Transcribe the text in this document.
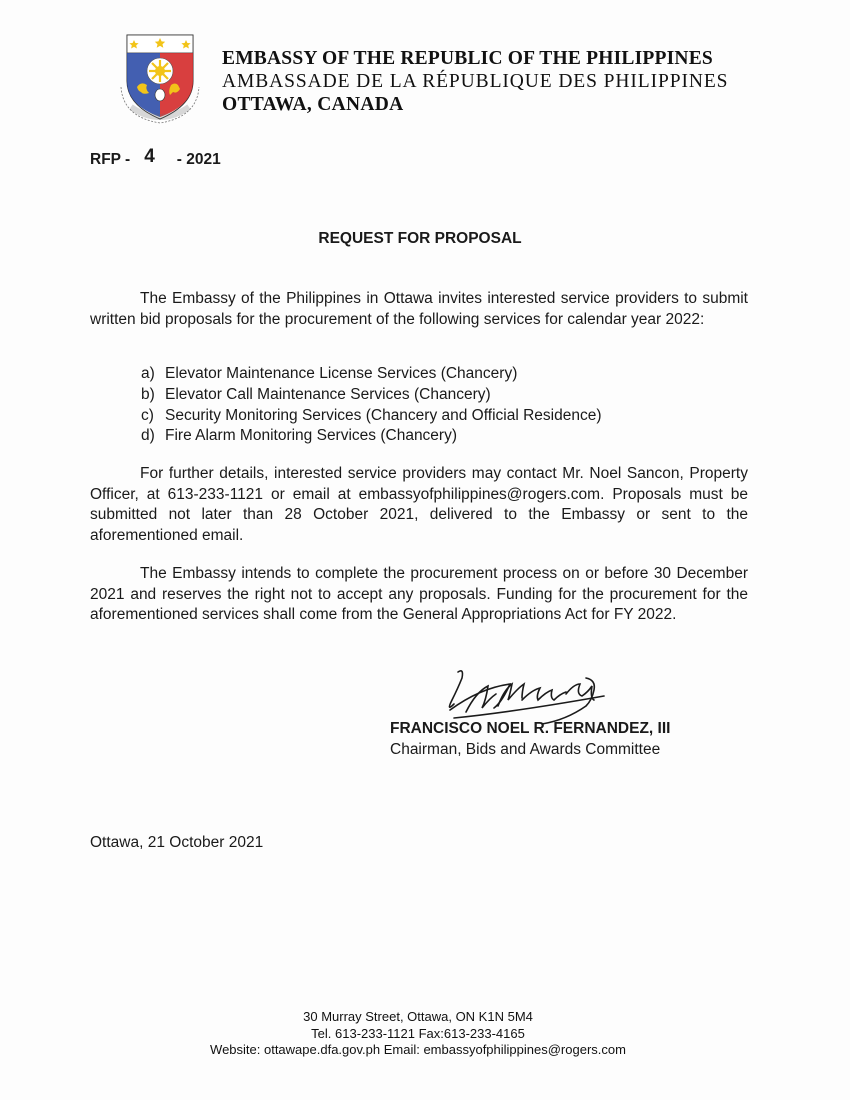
EMBASSY OF THE REPUBLIC OF THE PHILIPPINES
AMBASSADE DE LA RÉPUBLIQUE DES PHILIPPINES
OTTAWA, CANADA
RFP - 4 - 2021
REQUEST FOR PROPOSAL
The Embassy of the Philippines in Ottawa invites interested service providers to submit written bid proposals for the procurement of the following services for calendar year 2022:
a) Elevator Maintenance License Services (Chancery)
b) Elevator Call Maintenance Services (Chancery)
c) Security Monitoring Services (Chancery and Official Residence)
d) Fire Alarm Monitoring Services (Chancery)
For further details, interested service providers may contact Mr. Noel Sancon, Property Officer, at 613-233-1121 or email at embassyofphilippines@rogers.com. Proposals must be submitted not later than 28 October 2021, delivered to the Embassy or sent to the aforementioned email.
The Embassy intends to complete the procurement process on or before 30 December 2021 and reserves the right not to accept any proposals. Funding for the procurement for the aforementioned services shall come from the General Appropriations Act for FY 2022.
FRANCISCO NOEL R. FERNANDEZ, III
Chairman, Bids and Awards Committee
Ottawa, 21 October 2021
30 Murray Street, Ottawa, ON K1N 5M4
Tel. 613-233-1121 Fax:613-233-4165
Website: ottawape.dfa.gov.ph Email: embassyofphilippines@rogers.com
